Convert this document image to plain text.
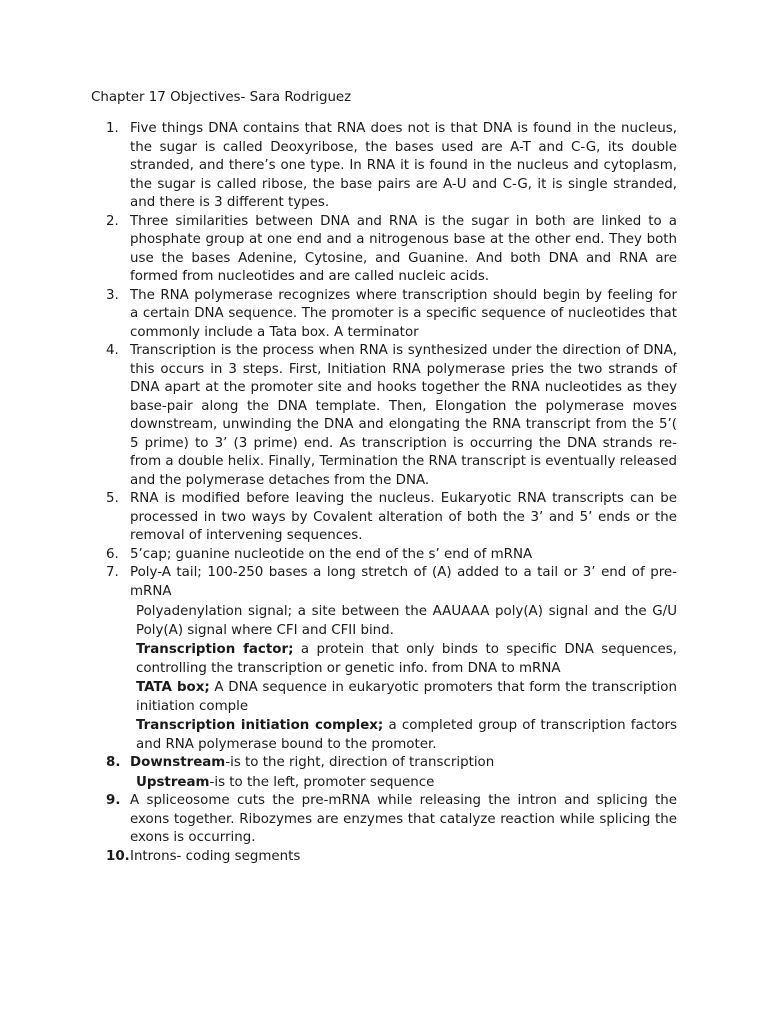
Chapter 17 Objectives- Sara Rodriguez
1. Five things DNA contains that RNA does not is that DNA is found in the nucleus, the sugar is called Deoxyribose, the bases used are A-T and C-G, its double stranded, and there’s one type. In RNA it is found in the nucleus and cytoplasm, the sugar is called ribose, the base pairs are A-U and C-G, it is single stranded, and there is 3 different types.
2. Three similarities between DNA and RNA is the sugar in both are linked to a phosphate group at one end and a nitrogenous base at the other end. They both use the bases Adenine, Cytosine, and Guanine. And both DNA and RNA are formed from nucleotides and are called nucleic acids.
3. The RNA polymerase recognizes where transcription should begin by feeling for a certain DNA sequence. The promoter is a specific sequence of nucleotides that commonly include a Tata box. A terminator
4. Transcription is the process when RNA is synthesized under the direction of DNA, this occurs in 3 steps. First, Initiation RNA polymerase pries the two strands of DNA apart at the promoter site and hooks together the RNA nucleotides as they base-pair along the DNA template. Then, Elongation the polymerase moves downstream, unwinding the DNA and elongating the RNA transcript from the 5’( 5 prime) to 3’ (3 prime) end. As transcription is occurring the DNA strands re-from a double helix. Finally, Termination the RNA transcript is eventually released and the polymerase detaches from the DNA.
5. RNA is modified before leaving the nucleus. Eukaryotic RNA transcripts can be processed in two ways by Covalent alteration of both the 3’ and 5’ ends or the removal of intervening sequences.
6. 5’cap; guanine nucleotide on the end of the s’ end of mRNA
7. Poly-A tail; 100-250 bases a long stretch of (A) added to a tail or 3’ end of pre-mRNA
Polyadenylation signal; a site between the AAUAAA poly(A) signal and the G/U Poly(A) signal where CFI and CFII bind.
Transcription factor; a protein that only binds to specific DNA sequences, controlling the transcription or genetic info. from DNA to mRNA
TATA box; A DNA sequence in eukaryotic promoters that form the transcription initiation comple
Transcription initiation complex; a completed group of transcription factors and RNA polymerase bound to the promoter.
8. Downstream-is to the right, direction of transcription
Upstream-is to the left, promoter sequence
9. A spliceosome cuts the pre-mRNA while releasing the intron and splicing the exons together. Ribozymes are enzymes that catalyze reaction while splicing the exons is occurring.
10. Introns- coding segments
